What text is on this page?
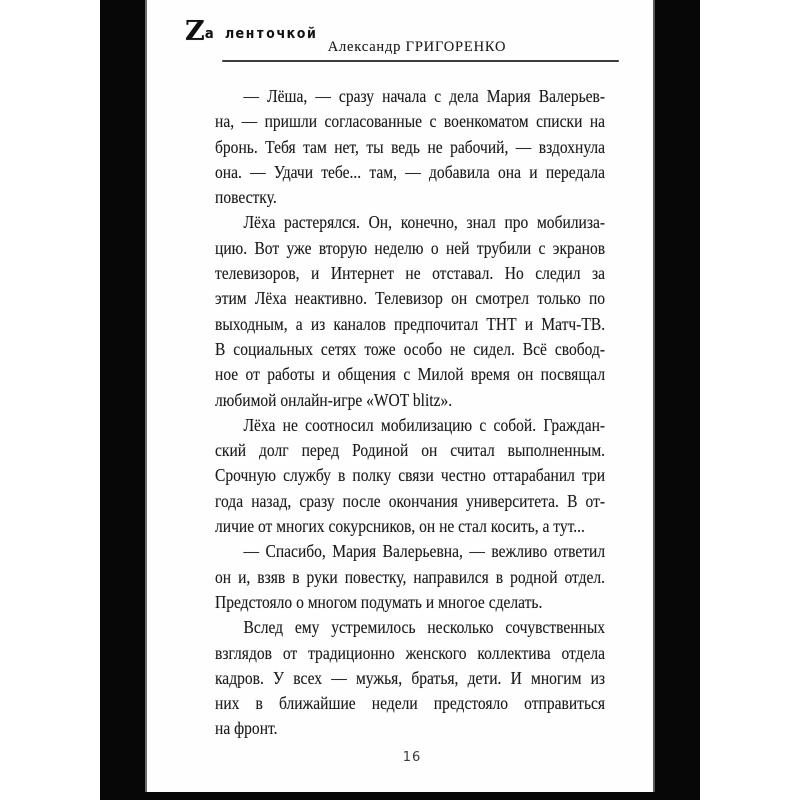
Zа ленточкой
Александр ГРИГОРЕНКО
— Лёша, — сразу начала с дела Мария Валерьев-
на, — пришли согласованные с военкоматом списки на
бронь. Тебя там нет, ты ведь не рабочий, — вздохнула
она. — Удачи тебе... там, — добавила она и передала
повестку.
Лёха растерялся. Он, конечно, знал про мобилиза-
цию. Вот уже вторую неделю о ней трубили с экранов
телевизоров, и Интернет не отставал. Но следил за
этим Лёха неактивно. Телевизор он смотрел только по
выходным, а из каналов предпочитал ТНТ и Матч-ТВ.
В социальных сетях тоже особо не сидел. Всё свобод-
ное от работы и общения с Милой время он посвящал
любимой онлайн-игре «WOT blitz».
Лёха не соотносил мобилизацию с собой. Граждан-
ский долг перед Родиной он считал выполненным.
Срочную службу в полку связи честно оттарабанил три
года назад, сразу после окончания университета. В от-
личие от многих сокурсников, он не стал косить, а тут...
— Спасибо, Мария Валерьевна, — вежливо ответил
он и, взяв в руки повестку, направился в родной отдел.
Предстояло о многом подумать и многое сделать.
Вслед ему устремилось несколько сочувственных
взглядов от традиционно женского коллектива отдела
кадров. У всех — мужья, братья, дети. И многим из
них в ближайшие недели предстояло отправиться
на фронт.
16
